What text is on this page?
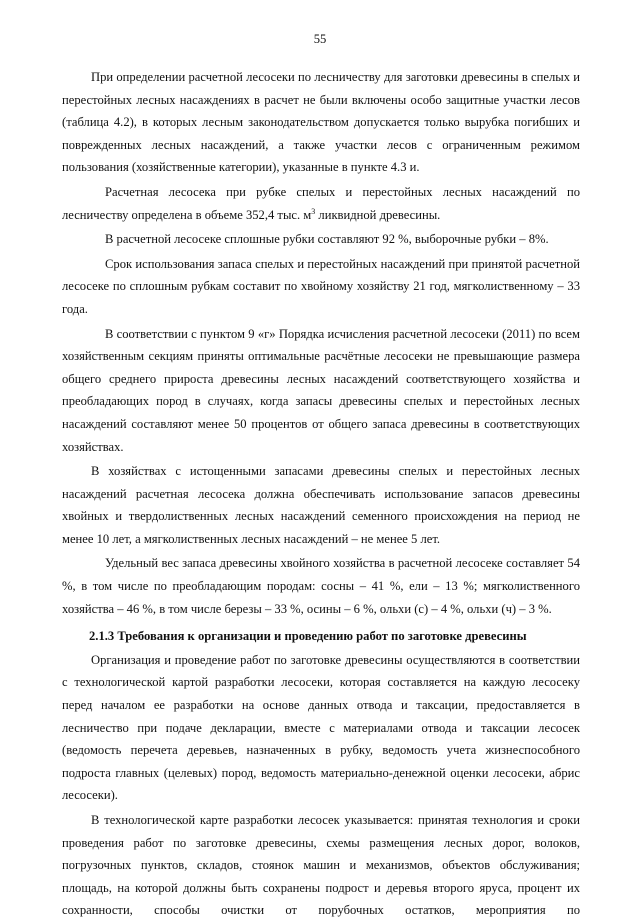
55

При определении расчетной лесосеки по лесничеству для заготовки древесины в спелых и перестойных лесных насаждениях в расчет не были включены особо защитные участки лесов (таблица 4.2), в которых лесным законодательством допускается только вырубка погибших и поврежденных лесных насаждений, а также участки лесов с ограниченным режимом пользования (хозяйственные категории), указанные в пункте 4.3 и.

Расчетная лесосека при рубке спелых и перестойных лесных насаждений по лесничеству определена в объеме 352,4 тыс. $м^3$ ликвидной древесины.

В расчетной лесосеке сплошные рубки составляют 92 %, выборочные рубки – 8%.

Срок использования запаса спелых и перестойных насаждений при принятой расчетной лесосеке по сплошным рубкам составит по хвойному хозяйству 21 год, мягколиственному – 33 года.

В соответствии с пунктом 9 «г» Порядка исчисления расчетной лесосеки (2011) по всем хозяйственным секциям приняты оптимальные расчётные лесосеки не превышающие размера общего среднего прироста древесины лесных насаждений соответствующего хозяйства и преобладающих пород в случаях, когда запасы древесины спелых и перестойных лесных насаждений составляют менее 50 процентов от общего запаса древесины в соответствующих хозяйствах.

В хозяйствах с истощенными запасами древесины спелых и перестойных лесных насаждений расчетная лесосека должна обеспечивать использование запасов древесины хвойных и твердолиственных лесных насаждений семенного происхождения на период не менее 10 лет, а мягколиственных лесных насаждений – не менее 5 лет.

Удельный вес запаса древесины хвойного хозяйства в расчетной лесосеке составляет 54 %, в том числе по преобладающим породам: сосны – 41 %, ели – 13 %; мягколиственного хозяйства – 46 %, в том числе березы – 33 %, осины – 6 %, ольхи (с) – 4 %, ольхи (ч) – 3 %.

2.1.3 Требования к организации и проведению работ по заготовке древесины

Организация и проведение работ по заготовке древесины осуществляются в соответствии с технологической картой разработки лесосеки, которая составляется на каждую лесосеку перед началом ее разработки на основе данных отвода и таксации, предоставляется в лесничество при подаче декларации, вместе с материалами отвода и таксации лесосек (ведомость перечета деревьев, назначенных в рубку, ведомость учета жизнеспособного подроста главных (целевых) пород, ведомость материально-денежной оценки лесосеки, абрис лесосеки).

В технологической карте разработки лесосек указывается: принятая технология и сроки проведения работ по заготовке древесины, схемы размещения лесных дорог, волоков, погрузочных пунктов, складов, стоянок машин и механизмов, объектов обслуживания; площадь, на которой должны быть сохранены подрост и деревья второго яруса, процент их сохранности, способы очистки от порубочных остатков, мероприятия по
